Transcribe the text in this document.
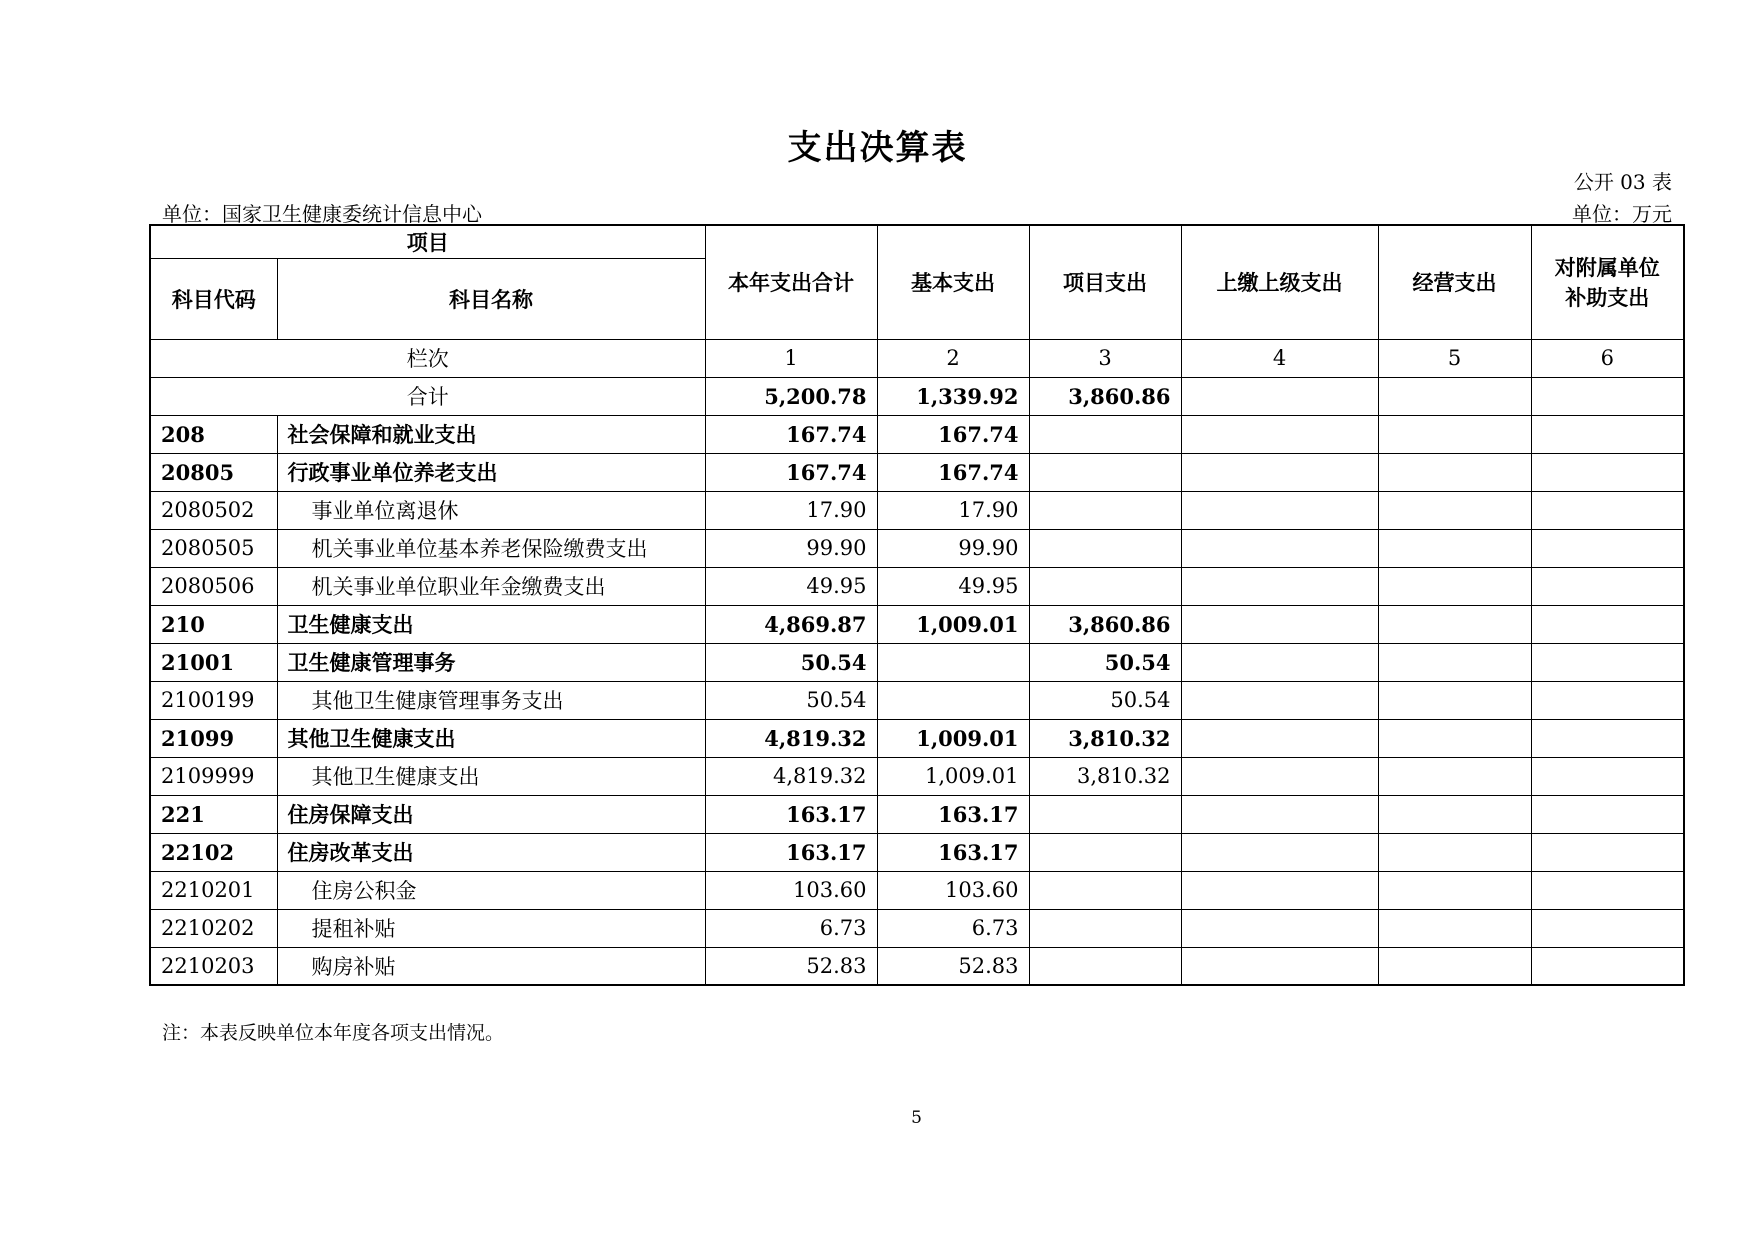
支出决算表
公开 03 表
单位：国家卫生健康委统计信息中心	单位：万元
项目		本年支出合计	基本支出	项目支出	上缴上级支出	经营支出	对附属单位
补助支出

科目代码	科目名称						
栏次		1	2	3	4	5	6
合计		5,200.78	1,339.92	3,860.86			
208	社会保障和就业支出	167.74	167.74				
20805	行政事业单位养老支出	167.74	167.74				
2080502	事业单位离退休	17.90	17.90				
2080505	机关事业单位基本养老保险缴费支出	99.90	99.90				
2080506	机关事业单位职业年金缴费支出	49.95	49.95				
210	卫生健康支出	4,869.87	1,009.01	3,860.86			
21001	卫生健康管理事务	50.54		50.54			
2100199	其他卫生健康管理事务支出	50.54		50.54			
21099	其他卫生健康支出	4,819.32	1,009.01	3,810.32			
2109999	其他卫生健康支出	4,819.32	1,009.01	3,810.32			
221	住房保障支出	163.17	163.17				
22102	住房改革支出	163.17	163.17				
2210201	住房公积金	103.60	103.60				
2210202	提租补贴	6.73	6.73				
2210203	购房补贴	52.83	52.83				
注：本表反映单位本年度各项支出情况。
5
